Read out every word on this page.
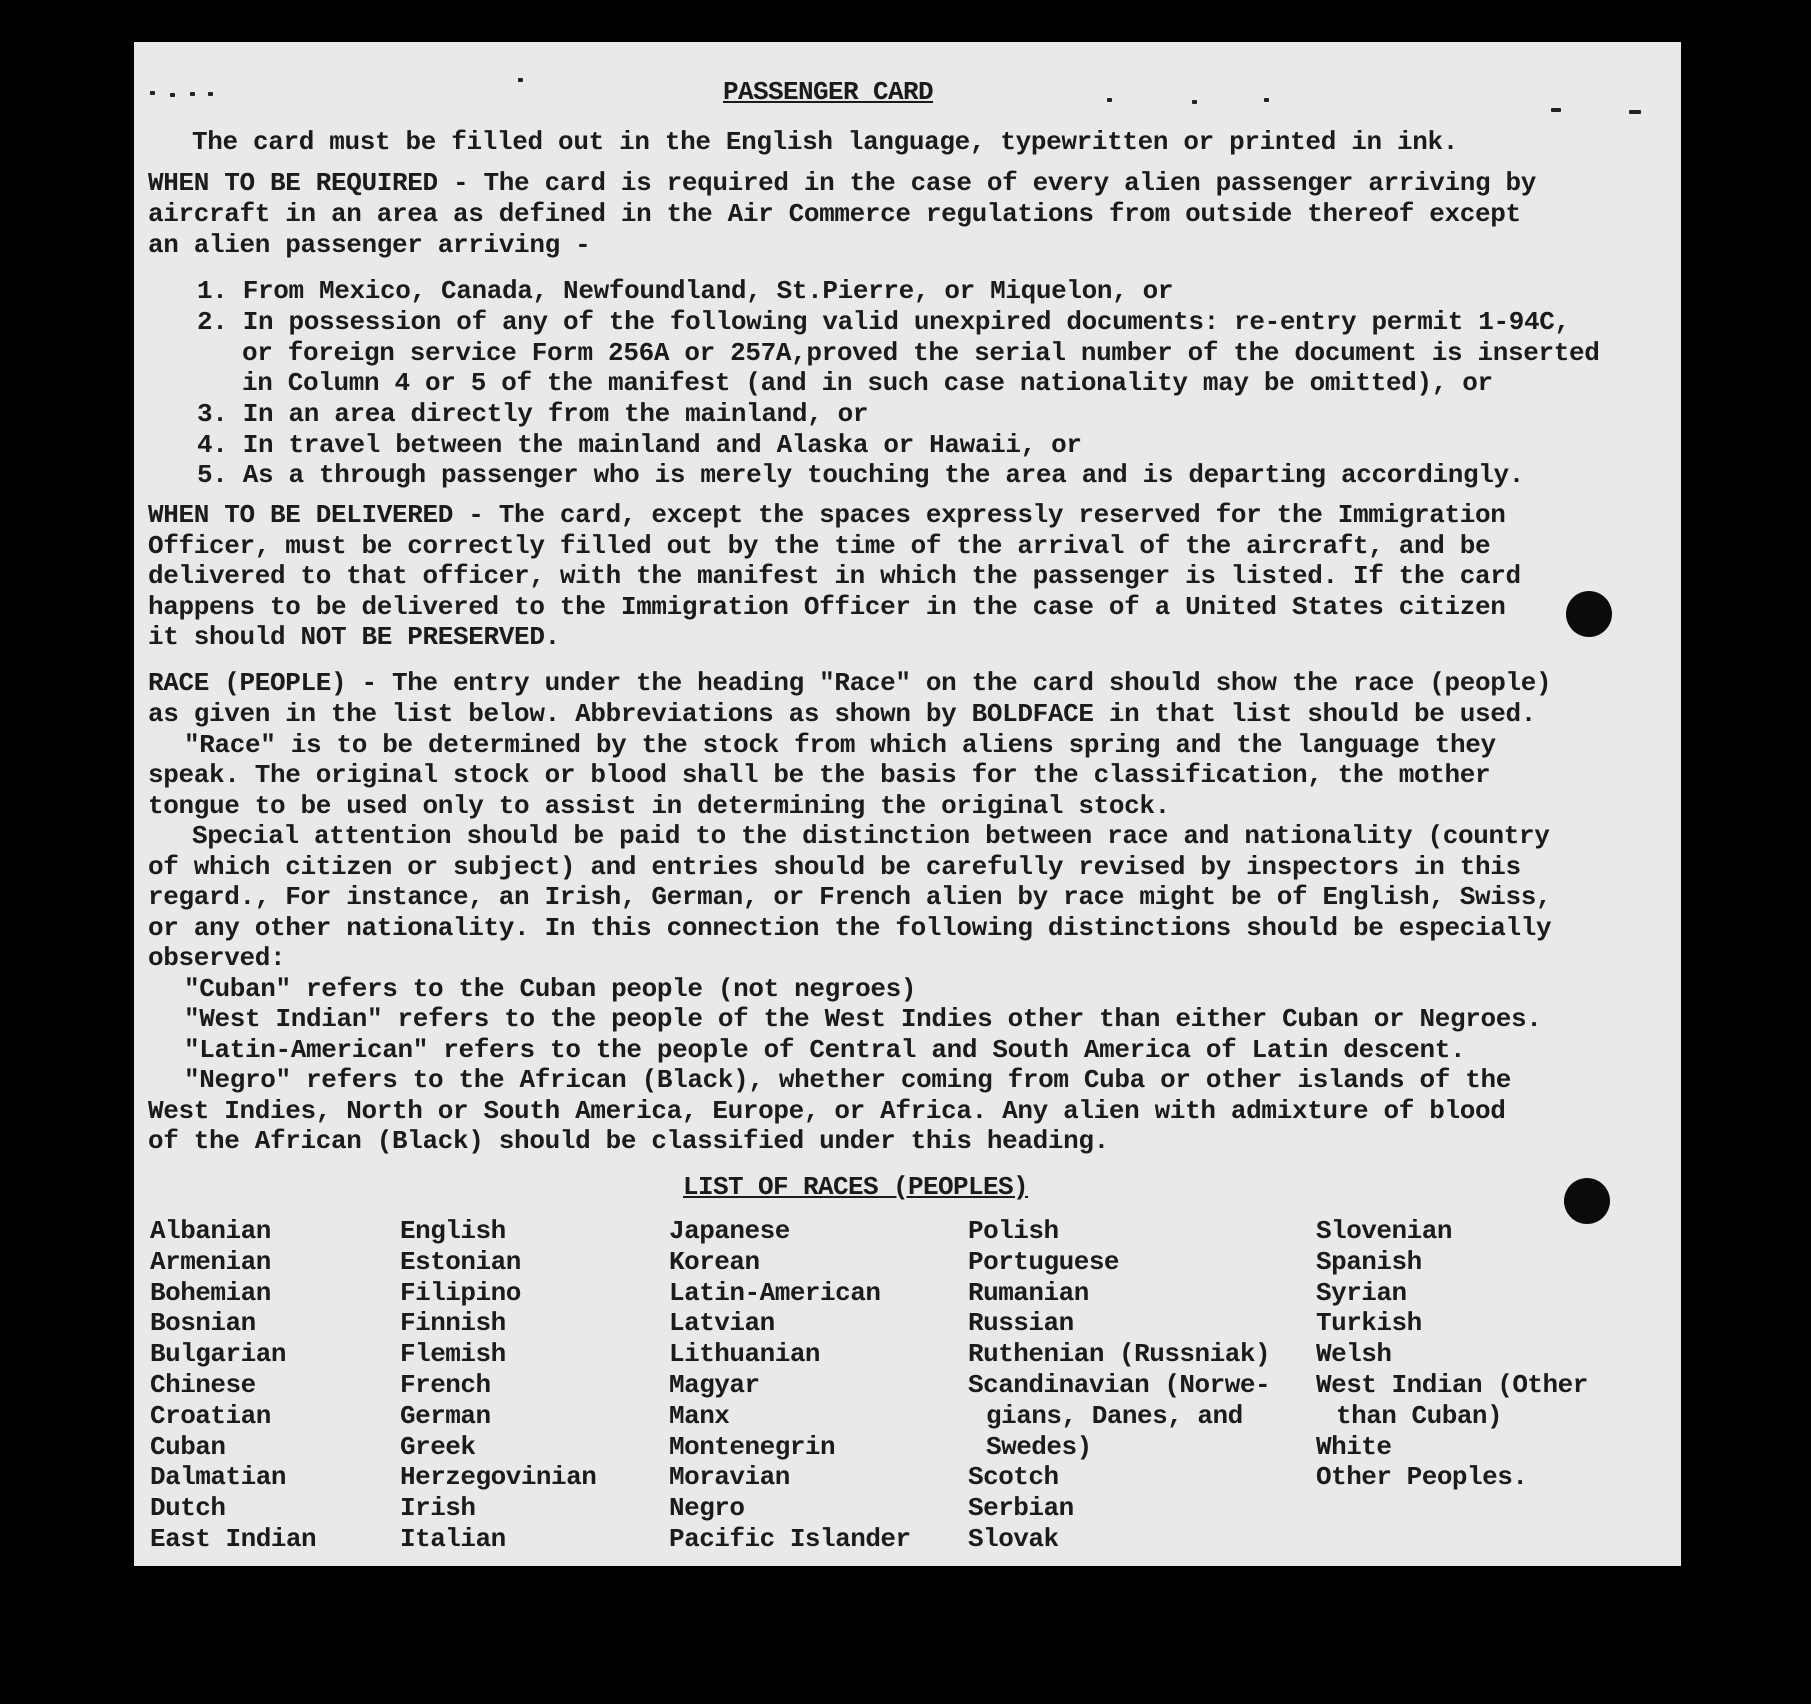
PASSENGER CARD
The card must be filled out in the English language, typewritten or printed in ink.
WHEN TO BE REQUIRED - The card is required in the case of every alien passenger arriving by
aircraft in an area as defined in the Air Commerce regulations from outside thereof except
an alien passenger arriving -
1. From Mexico, Canada, Newfoundland, St.Pierre, or Miquelon, or
2. In possession of any of the following valid unexpired documents: re-entry permit 1-94C,
or foreign service Form 256A or 257A,proved the serial number of the document is inserted
in Column 4 or 5 of the manifest (and in such case nationality may be omitted), or
3. In an area directly from the mainland, or
4. In travel between the mainland and Alaska or Hawaii, or
5. As a through passenger who is merely touching the area and is departing accordingly.
WHEN TO BE DELIVERED - The card, except the spaces expressly reserved for the Immigration
Officer, must be correctly filled out by the time of the arrival of the aircraft, and be
delivered to that officer, with the manifest in which the passenger is listed. If the card
happens to be delivered to the Immigration Officer in the case of a United States citizen
it should NOT BE PRESERVED.
RACE (PEOPLE) - The entry under the heading "Race" on the card should show the race (people)
as given in the list below. Abbreviations as shown by BOLDFACE in that list should be used.
"Race" is to be determined by the stock from which aliens spring and the language they
speak. The original stock or blood shall be the basis for the classification, the mother
tongue to be used only to assist in determining the original stock.
Special attention should be paid to the distinction between race and nationality (country
of which citizen or subject) and entries should be carefully revised by inspectors in this
regard., For instance, an Irish, German, or French alien by race might be of English, Swiss,
or any other nationality. In this connection the following distinctions should be especially
observed:
"Cuban" refers to the Cuban people (not negroes)
"West Indian" refers to the people of the West Indies other than either Cuban or Negroes.
"Latin-American" refers to the people of Central and South America of Latin descent.
"Negro" refers to the African (Black), whether coming from Cuba or other islands of the
West Indies, North or South America, Europe, or Africa. Any alien with admixture of blood
of the African (Black) should be classified under this heading.
LIST OF RACES (PEOPLES)
Albanian
Armenian
Bohemian
Bosnian
Bulgarian
Chinese
Croatian
Cuban
Dalmatian
Dutch
East Indian
English
Estonian
Filipino
Finnish
Flemish
French
German
Greek
Herzegovinian
Irish
Italian
Japanese
Korean
Latin-American
Latvian
Lithuanian
Magyar
Manx
Montenegrin
Moravian
Negro
Pacific Islander
Polish
Portuguese
Rumanian
Russian
Ruthenian (Russniak)
Scandinavian (Norwe-
gians, Danes, and
Swedes)
Scotch
Serbian
Slovak
Slovenian
Spanish
Syrian
Turkish
Welsh
West Indian (Other
than Cuban)
White
Other Peoples.
